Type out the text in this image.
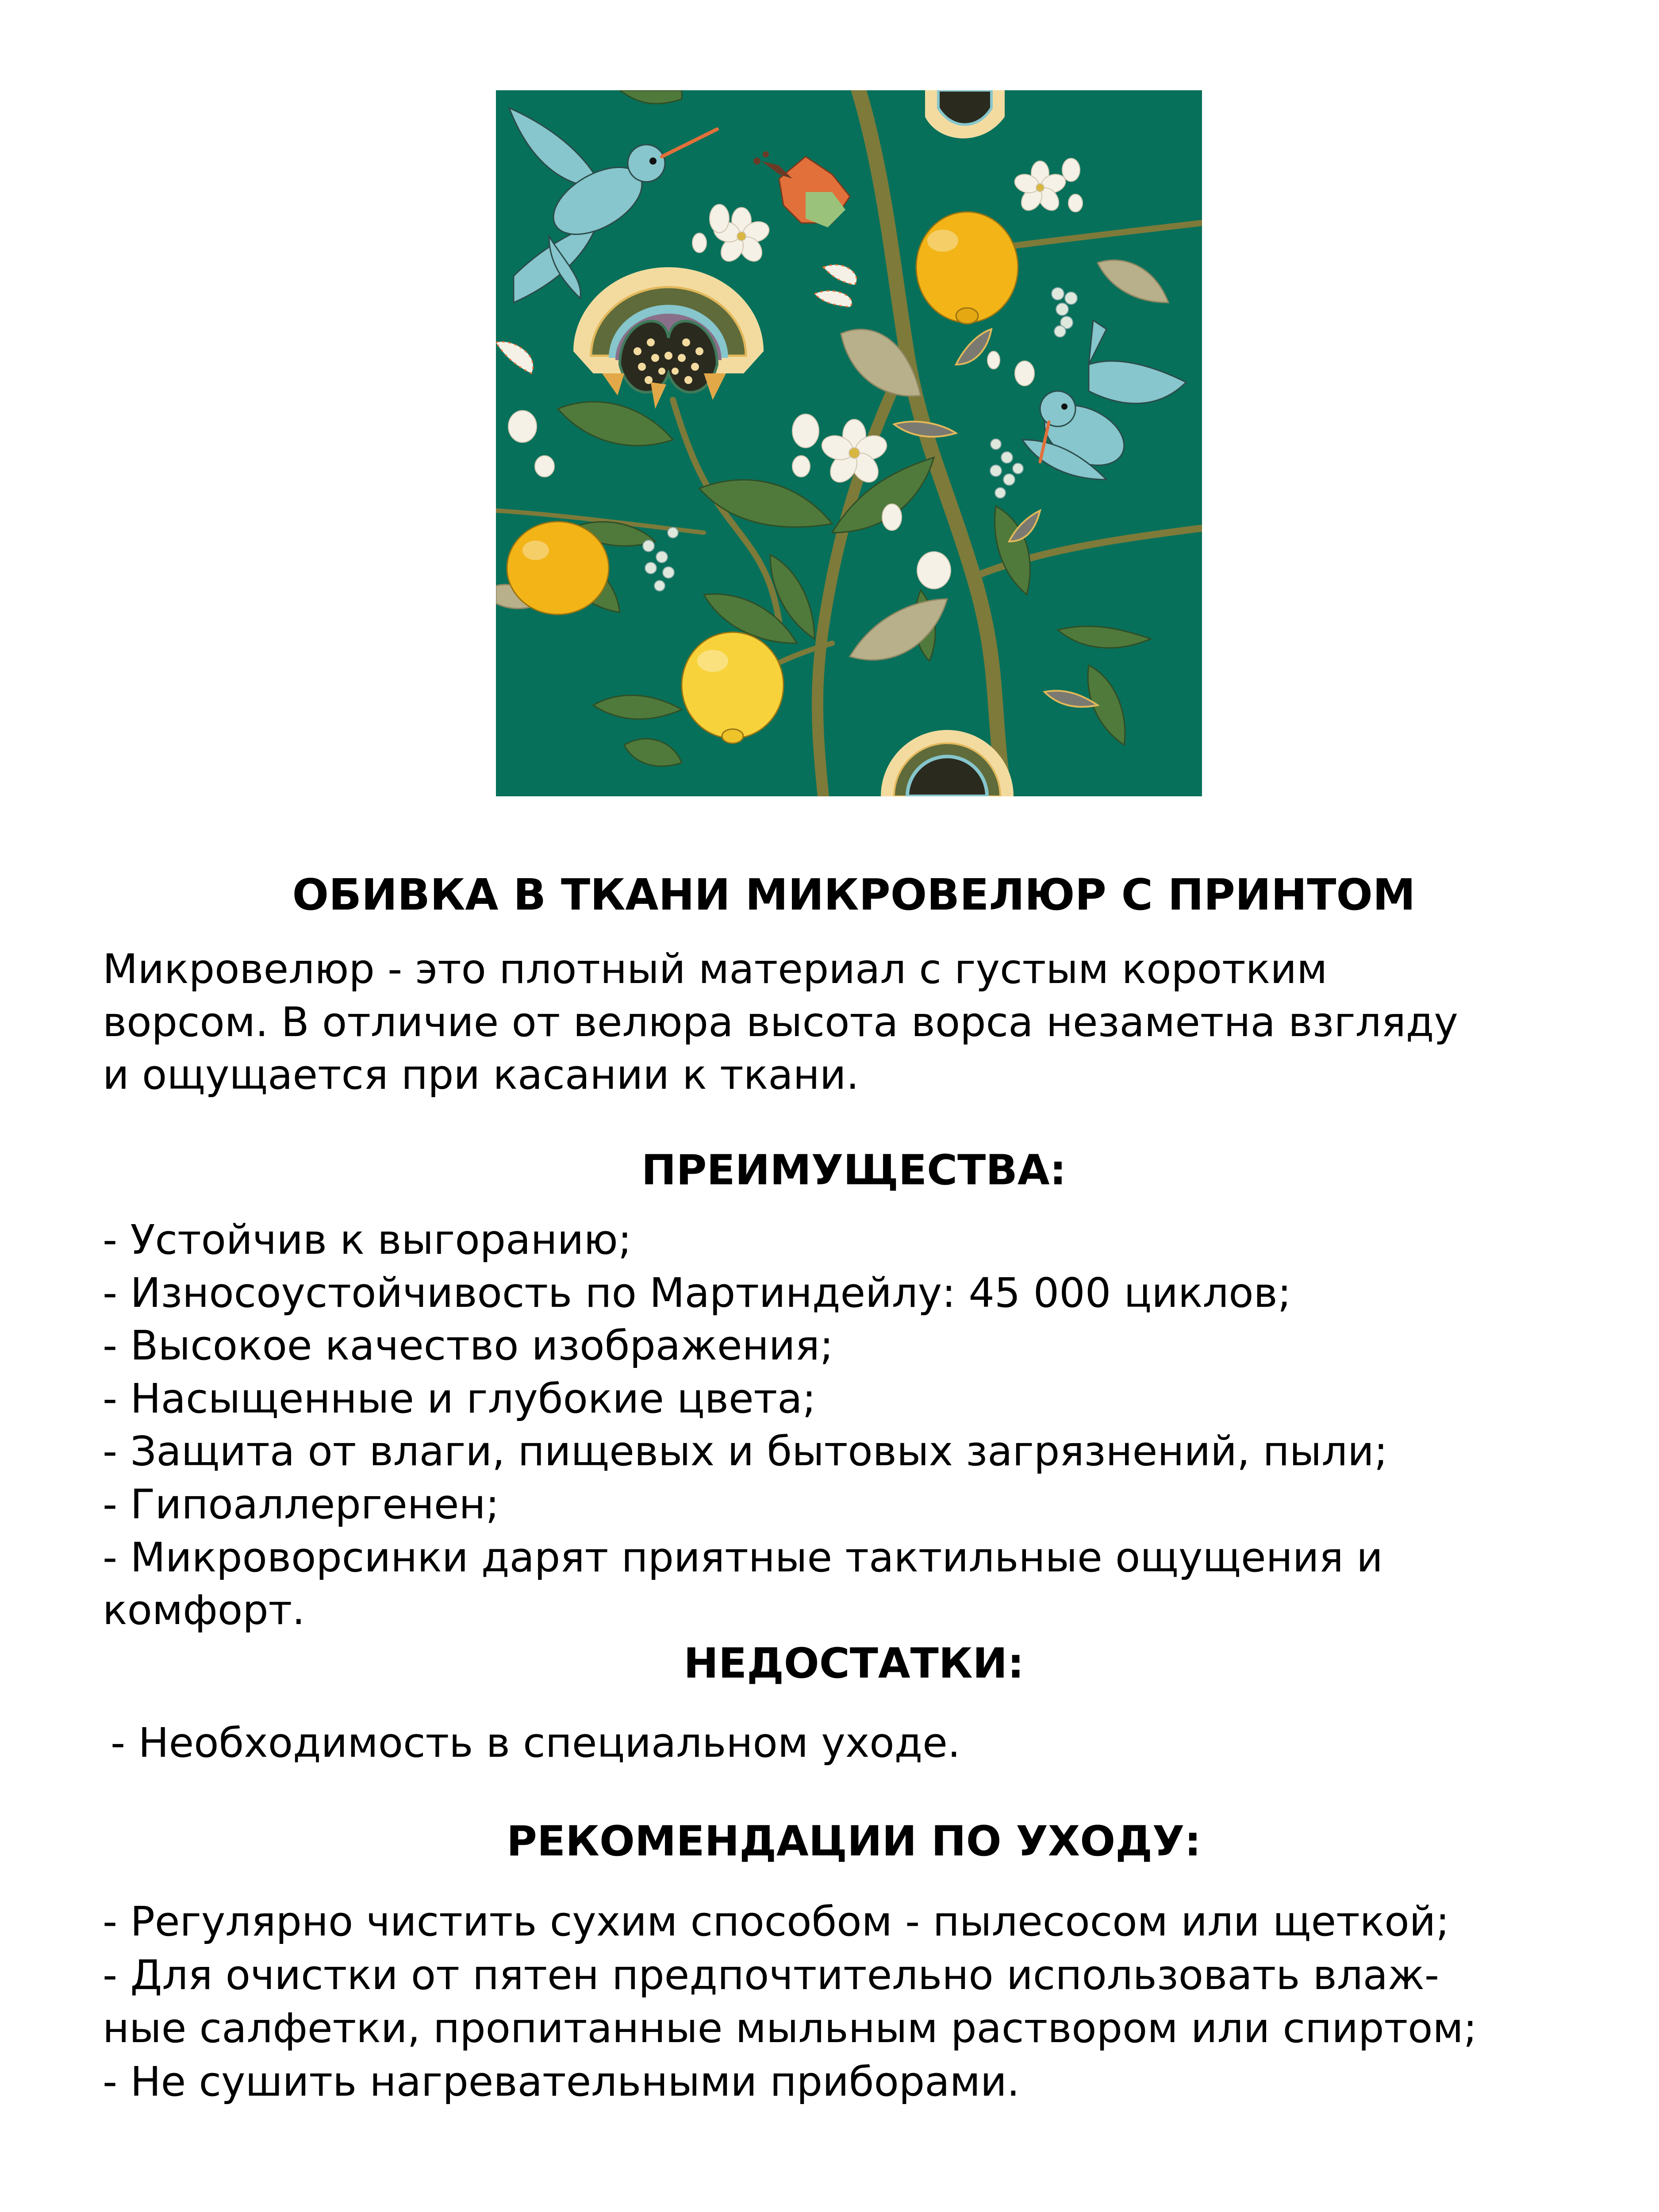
ОБИВКА В ТКАНИ МИКРОВЕЛЮР С ПРИНТОМ
Микровелюр - это плотный материал с густым коротким
ворсом. В отличие от велюра высота ворса незаметна взгляду
и ощущается при касании к ткани.
ПРЕИМУЩЕСТВА:
- Устойчив к выгоранию;
- Износоустойчивость по Мартиндейлу: 45 000 циклов;
- Высокое качество изображения;
- Насыщенные и глубокие цвета;
- Защита от влаги, пищевых и бытовых загрязнений, пыли;
- Гипоаллергенен;
- Микроворсинки дарят приятные тактильные ощущения и
комфорт.
НЕДОСТАТКИ:
- Необходимость в специальном уходе.
РЕКОМЕНДАЦИИ ПО УХОДУ:
- Регулярно чистить сухим способом - пылесосом или щеткой;
- Для очистки от пятен предпочтительно использовать влаж-
ные салфетки, пропитанные мыльным раствором или спиртом;
- Не сушить нагревательными приборами.
